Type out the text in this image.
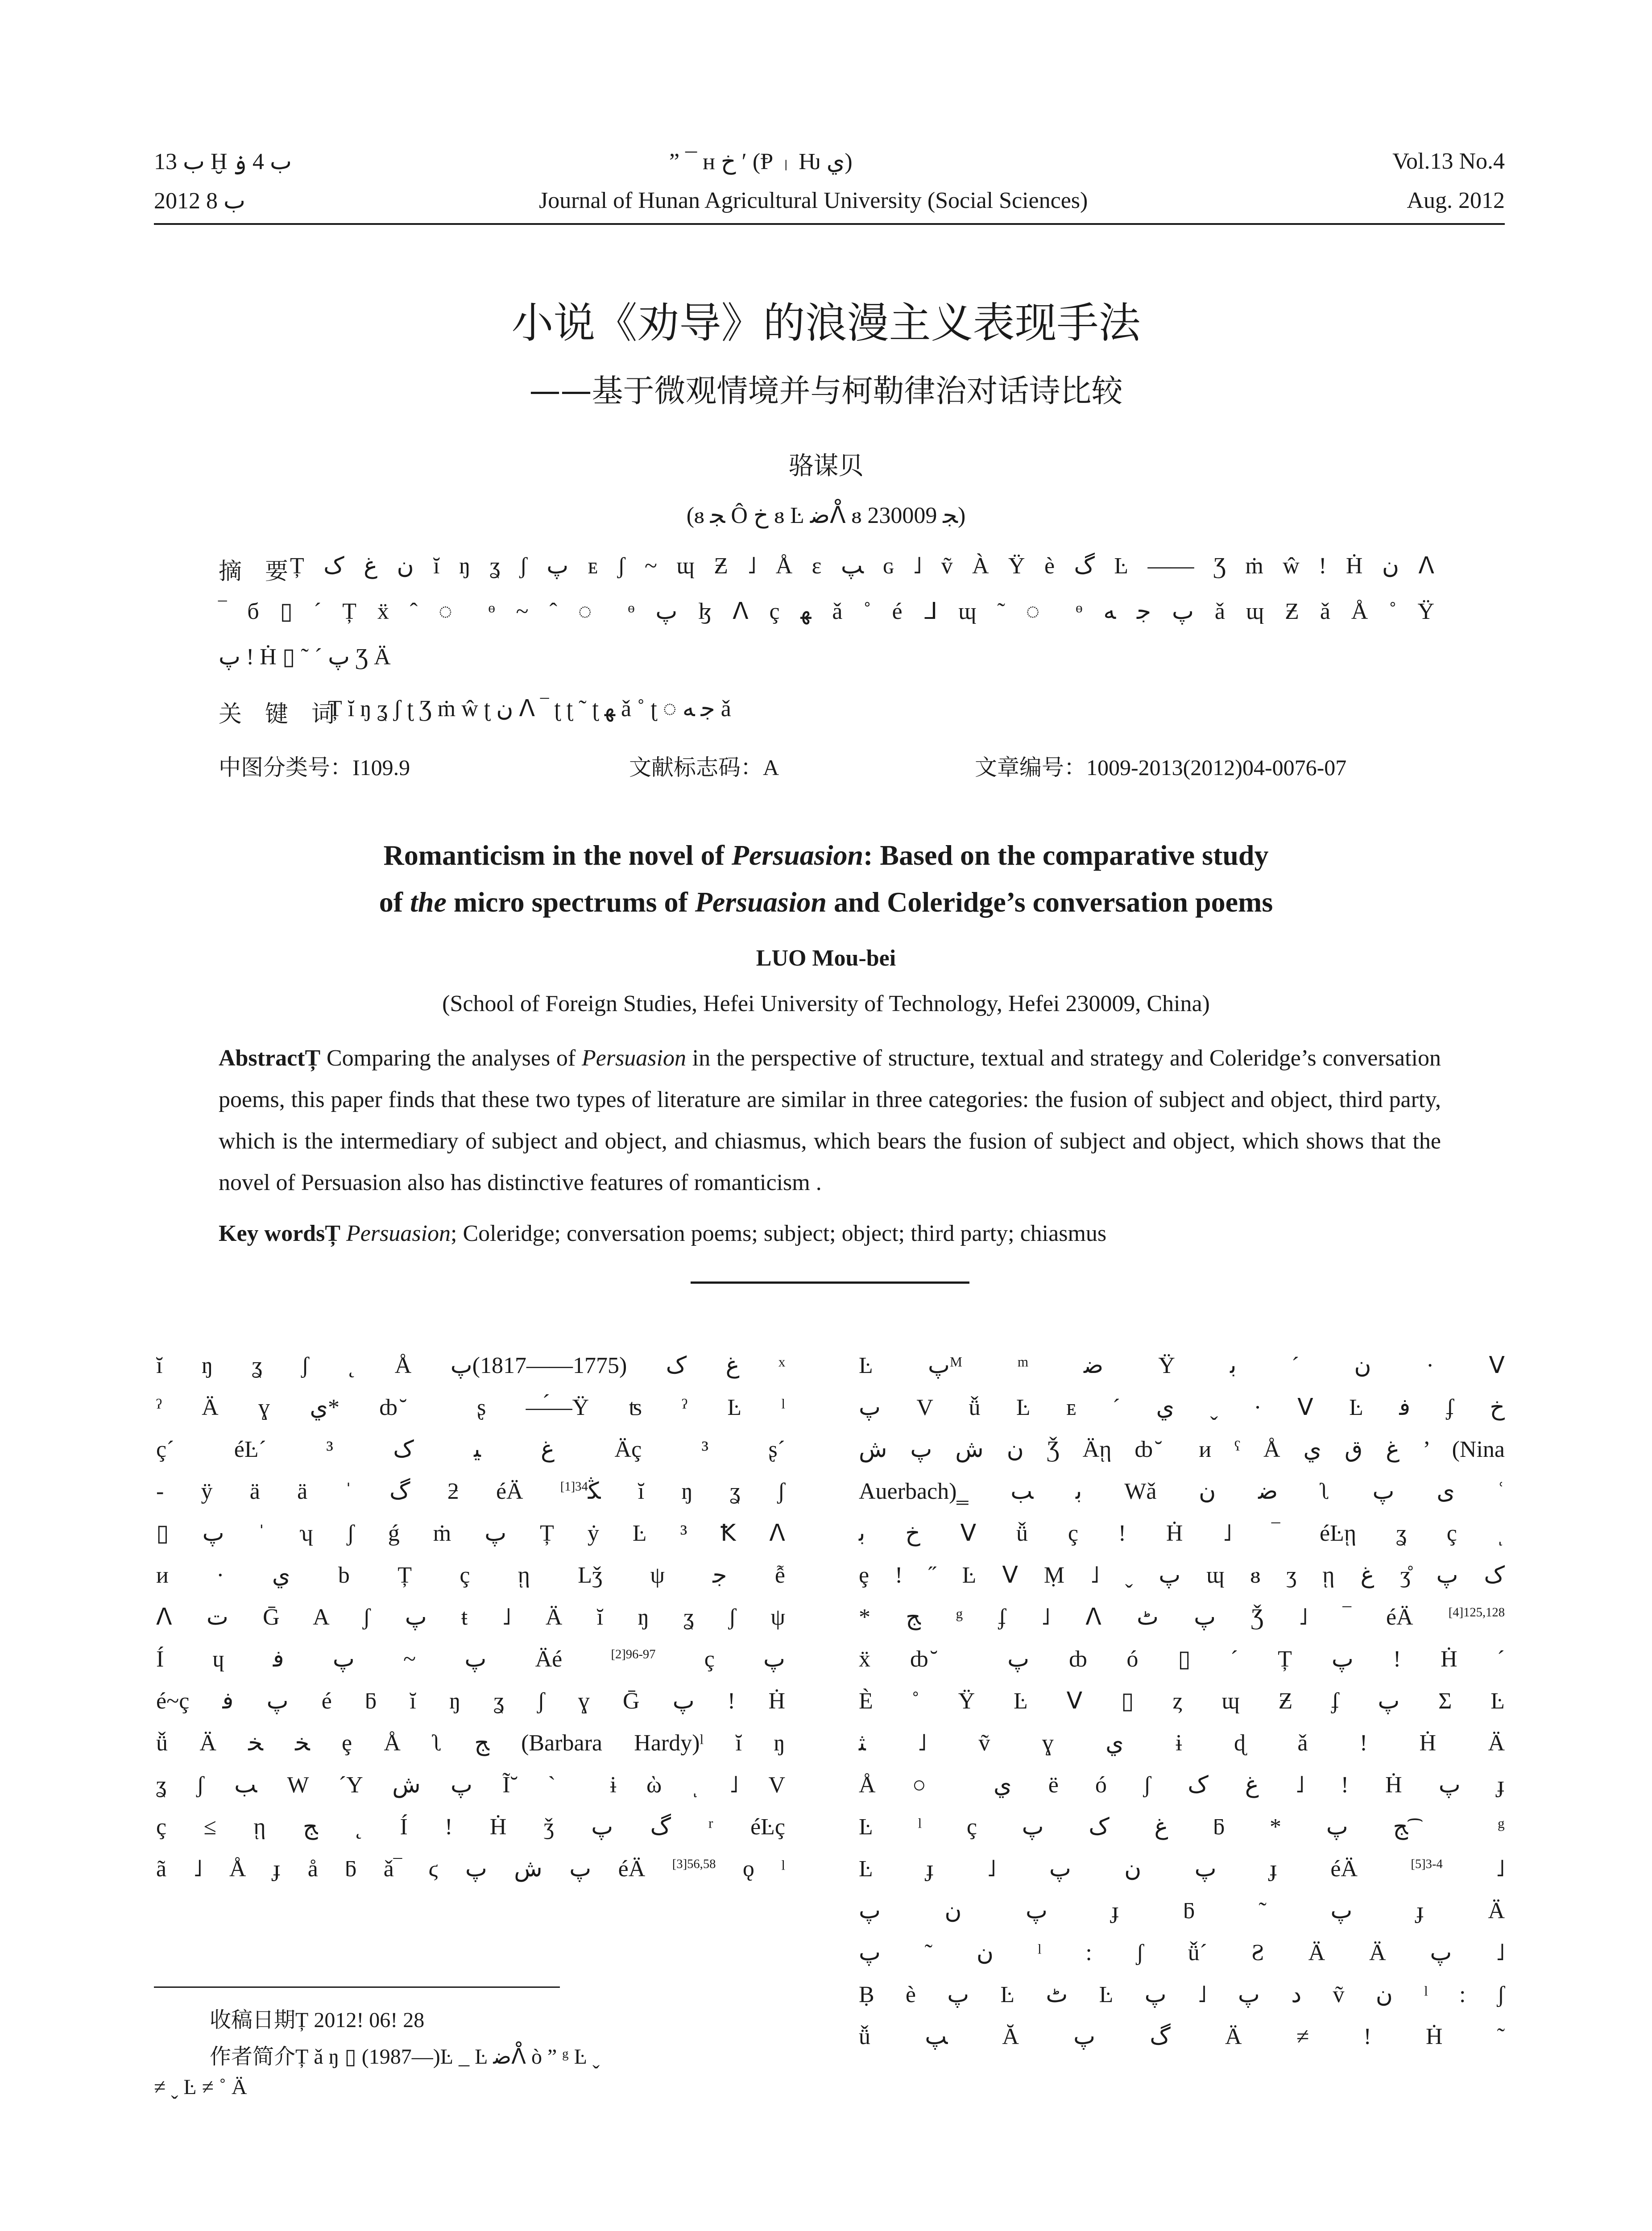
ب 13 Ḫ ب 4 ۏ	” ¯ ʜ خ ʹ (Ᵽ ᛧ Ƕ ي)	Vol.13 No.4
2012 ب 8	Journal of Hunan Agricultural University (Social Sciences)	Aug. 2012
小说《劝导》的浪漫主义表现手法
——基于微观情境并与柯勒律治对话诗比较
骆谋贝
(ᴕ ﺠ Ô خ ᴕ Ŀ ﺿᐰ ᴕ ﺠ 230009)
摘　要 Ț ﻥ ﻍ ﮎ ĭ ŋ ʓ ʃ ﭖ ᴇ ʃ ~ ɰ Ƶ ˩ Å ɛ ﭗ ɢ ˩ ṽ À Ÿ è ﮒ Ŀ —— Ʒ ṁ ŵ ǃ Ḣ ﻥ ᐱ
‾ б ▯ ´ Ț ẍ ˆ ◌ ᶱ ~ ˆ ◌ ᶱ ﭖ ɮ ᐱ ç ﻬ ǎ ˚ é ᒧ ɰ ˜ ◌ ᶱ ﭖ ﺟ ﻪ ǎ ɰ Ƶ ǎ Å ˚ Ÿ
ﭖ ǃ Ḣ ▯ ˜ ´ ﭖ Ʒ Ä
关　键　词
Ț ĭ ŋ ʓ ʃ ʈ Ʒ ṁ ŵ ʈ ﻥ ᐱ ‾ ʈ ʈ ˜ ʈ ﻬ ǎ ˚ ʈ ◌ ﺟ ﻪ ǎ
中图分类号：I109.9	文献标志码：A	文章编号：1009-2013(2012)04-0076-07
Romanticism in the novel of Persuasion: Based on the comparative study
of the micro spectrums of Persuasion and Coleridge’s conversation poems
LUO Mou-bei
(School of Foreign Studies, Hefei University of Technology, Hefei 230009, China)
AbstractȚ Comparing the analyses of Persuasion in the perspective of structure, textual and strategy and Coleridge’s conversation poems, this paper finds that these two types of literature are similar in three categories: the fusion of subject and object, third party, which is the intermediary of subject and object, and chiasmus, which bears the fusion of subject and object, which shows that the novel of Persuasion also has distinctive features of romanticism .
Key wordsȚ Persuasion; Coleridge; conversation poems; subject; object; third party; chiasmus
ĭ ŋ ʓ ʃ ˛ Å ﻍ ﮎ (1775——1817)ﭖ ˣ
ˀ Ä ɣ ي* ȸ ̆ ʂ —́—Ÿ ʦ ˀ Ŀ ˡ
ç´ éĿ´ ³ ﻍ ﻴ ﮎ Äç ³ ʂ´
- ÿ ä ä ˈ ﮒ ƻ éÄ $^{[1]34}$ﯖ ĭ ŋ ʓ ʃ
▯ ﭖ ˈ ʮ ʃ ǵ ṁ ﭖ Ț ẏ Ŀ ³ Ꝁ ᐱ
и · ي b Ț ç ῃ Lǯ ψ ﺟ ễ
ᐱ ﺕ Ḡ A ʃ ﭖ ŧ ˩ Ä ĭ ŋ ʓ ʃ ψ
Í ɥ ﭖ ~ ﭖ ﻓ Äé $^{[2]96-97}$ ç ﭖ
é~ç ﭖ ﻓ é ƃ ĭ ŋ ʓ ʃ ɣ Ḡ ﭖ ǃ Ḣ
ǚ Ä ﺨ ﺨ ȩ Å ʅ ﺞ (Barbara Hardy)ˡ ĭ ŋ
ʓ ʃ ﺐ W ´Y ﭖ ﺵ Ĩ˘ ˋ ɨ ὼ ͺ ˩ V
ç ≤ ῃ ﺞ ˛ Í ǃ Ḣ ǯ ﮒ ﭖ ʳ éĿç
ã ˩ Å ɟ å ƃ ǎ‾ ϛ ﭖ ﺵ ﭖ éÄ $^{[3]56,58}$ ǫ ˡ
Ŀ ﭖᴹ ᵐ ﺿ Ÿ ﻥ ´ ﺑ · ᐯ
ﭖ V ǚ Ŀ ᴇ ´ ي ˬ · ᐯ Ŀ ﻓ ʄ ﺥ
ﻥ ﺵ ﭖ ﺵ Ǯ Äῃ ȸ ̆ и ˁ Å ﻍ ﻕ ي ’ (Nina
Auerbach)‗ ﺑ ﺐ Wǎ ﺿ ﻥ ʅ ﻯ ﭖ ʿ
ﺥ ﺑ ᐯ ǚ ç ǃ Ḣ ˩ ‾ éĿῃ ʓ ç ͺ
ȩ ǃ ˝ Ŀ ᐯ Ṃ ˩ ˬ ﭖ ɰ ᴕ ʒ ῃ ﻍ ʒ̊ ﮎ ﭖ
* ﺞ ᵍ ʄ ˩ ᐱ ﭖ ﭦ Ǯ ˩ ‾ éÄ $^{[4]125,128}$
ẍ ȸ ̆ ﭖ ȸ ó ▯ ´ Ț ﭖ ǃ Ḣ ´
È ˚ Ÿ Ŀ ᐯ ▯ ȥ ɰ Ƶ ʄ ﭖ Σ Ŀ
ﺜ ˩ ṽ ɣ ي ɨ ɖ ǎ ǃ Ḣ Ä
Å ○ ي ë ó ʃ ﻍ ﮎ ˩ ǃ Ḣ ﭖ ɟ
Ŀ ˡ ç ﻍ ﮎ ﭖ ƃ * ﺞ ﭖ ͡ ᵍ
Ŀ ɟ ˩ ﭖ ﻥ ﭖ ɟ éÄ $^{[5]3-4}$ ˩
ﭖ ﻥ ﭖ ɟ ƃ ˜ ﭖ ɟ Ä
ﻥ ˜ ﭖ ˡ : ʃ ǚ´ Ƨ Ä Ä ﭖ ˩
Ḅ è ﭖ Ŀ ﭦ Ŀ ﺩ ﭖ ˩ ﭖ ṽ ﻥ ˡ : ʃ
ǚ ﭗ Ă ﮒ ﭖ Ä ≠ ǃ Ḣ ˜
收稿日期Ț 2012ǃ 06ǃ 28
作者简介Ț ǎ ŋ ▯ (1987—)Ŀ _ Ŀ ﺿᐰ ò ” ᵍ Ŀ ˬ
≠ ˬ Ŀ ≠ ˚ Ä
